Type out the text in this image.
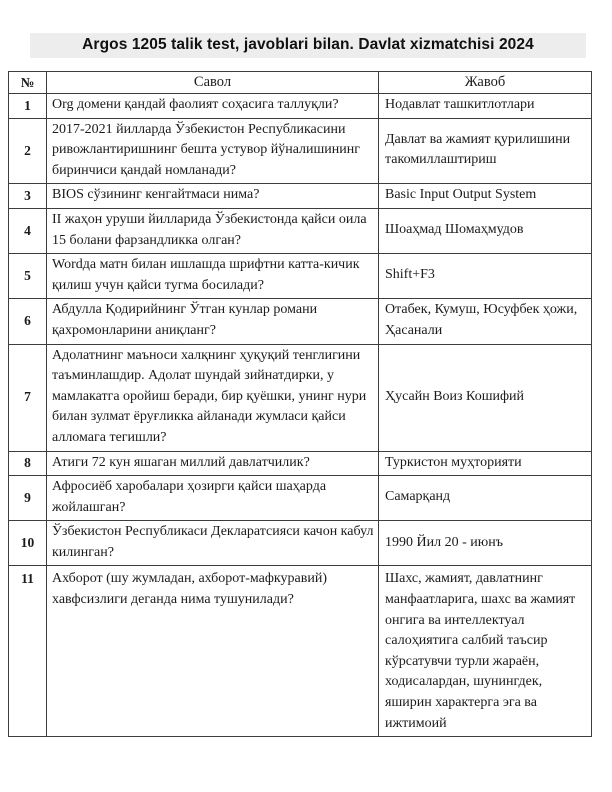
Argos 1205 talik test, javoblari bilan. Davlat xizmatchisi 2024
№	Савол	Жавоб
1	Org домени қандай фаолият соҳасига таллуқли?	Нодавлат ташкитлотлари
2	2017-2021 йилларда Ўзбекистон Республикасини ривожлантиришнинг бешта устувор йўналишининг биринчиси қандай номланади?	Давлат ва жамият қурилишини такомиллаштириш
3	BIOS сўзининг кенгайтмаси нима?	Basic Input Output System
4	II жаҳон уруши йилларида Ўзбекистонда қайси оила 15 болани фарзандликка олган?	Шоаҳмад Шомаҳмудов
5	Wordда матн билан ишлашда шрифтни катта-кичик қилиш учун қайси тугма босилади?	Shift+F3
6	Абдулла Қодирийнинг Ўтган кунлар романи қахромонларини аниқланг?	Отабек, Кумуш, Юсуфбек ҳожи, Ҳасанали
7	Адолатнинг маъноси халқнинг ҳуқуқий тенглигини таъминлашдир. Адолат шундай зийнатдирки, у мамлакатга оройиш беради, бир қуёшки, унинг нури билан зулмат ёруғликка айланади жумласи қайси алломага тегишли?	Ҳусайн Воиз Кошифий
8	Атиги 72 кун яшаган миллий давлатчилик?	Туркистон муҳторияти
9	Афросиёб харобалари ҳозирги қайси шаҳарда жойлашган?	Самарқанд
10	Ўзбекистон Республикаси Декларатсияси качон кабул килинган?	1990 Йил 20 - июнъ
11	Ахборот (шу жумладан, ахборот-мафкуравий) хавфсизлиги деганда нима тушунилади?	Шахс, жамият, давлатнинг манфаатларига, шахс ва жамият онгига ва интеллектуал салоҳиятига салбий таъсир кўрсатувчи турли жараён, ходисалардан, шунингдек, яширин характерга эга ва ижтимоий
